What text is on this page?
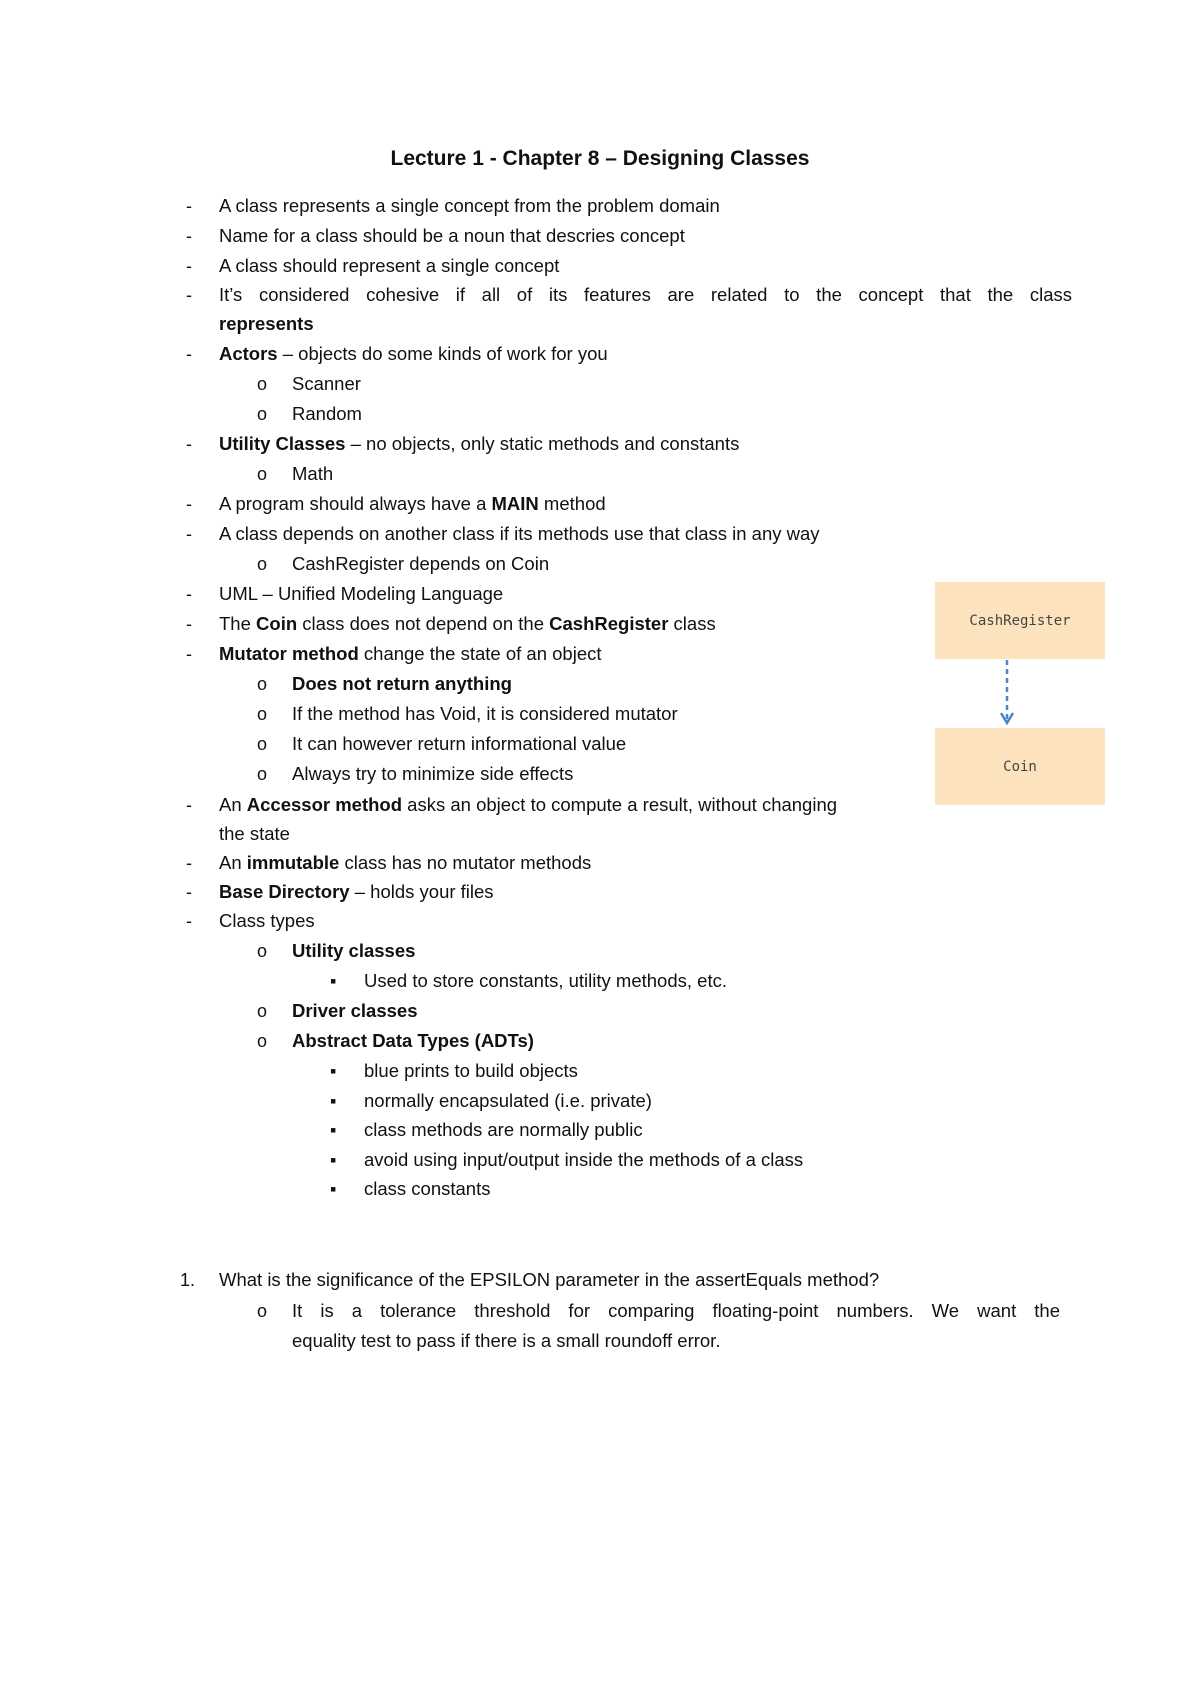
Lecture 1 - Chapter 8 – Designing Classes
- A class represents a single concept from the problem domain
- Name for a class should be a noun that descries concept
- A class should represent a single concept
- It’s considered cohesive if all of its features are related to the concept that the class
represents
- Actors – objects do some kinds of work for you
o Scanner
o Random
- Utility Classes – no objects, only static methods and constants
o Math
- A program should always have a MAIN method
- A class depends on another class if its methods use that class in any way
o CashRegister depends on Coin
- UML – Unified Modeling Language
- The Coin class does not depend on the CashRegister class
- Mutator method change the state of an object
o Does not return anything
o If the method has Void, it is considered mutator
o It can however return informational value
o Always try to minimize side effects
- An Accessor method asks an object to compute a result, without changing
the state
- An immutable class has no mutator methods
- Base Directory – holds your files
- Class types
o Utility classes
▪ Used to store constants, utility methods, etc.
o Driver classes
o Abstract Data Types (ADTs)
▪ blue prints to build objects
▪ normally encapsulated (i.e. private)
▪ class methods are normally public
▪ avoid using input/output inside the methods of a class
▪ class constants
1. What is the significance of the EPSILON parameter in the assertEquals method?
o It is a tolerance threshold for comparing floating-point numbers. We want the
equality test to pass if there is a small roundoff error.
CashRegister
Coin
